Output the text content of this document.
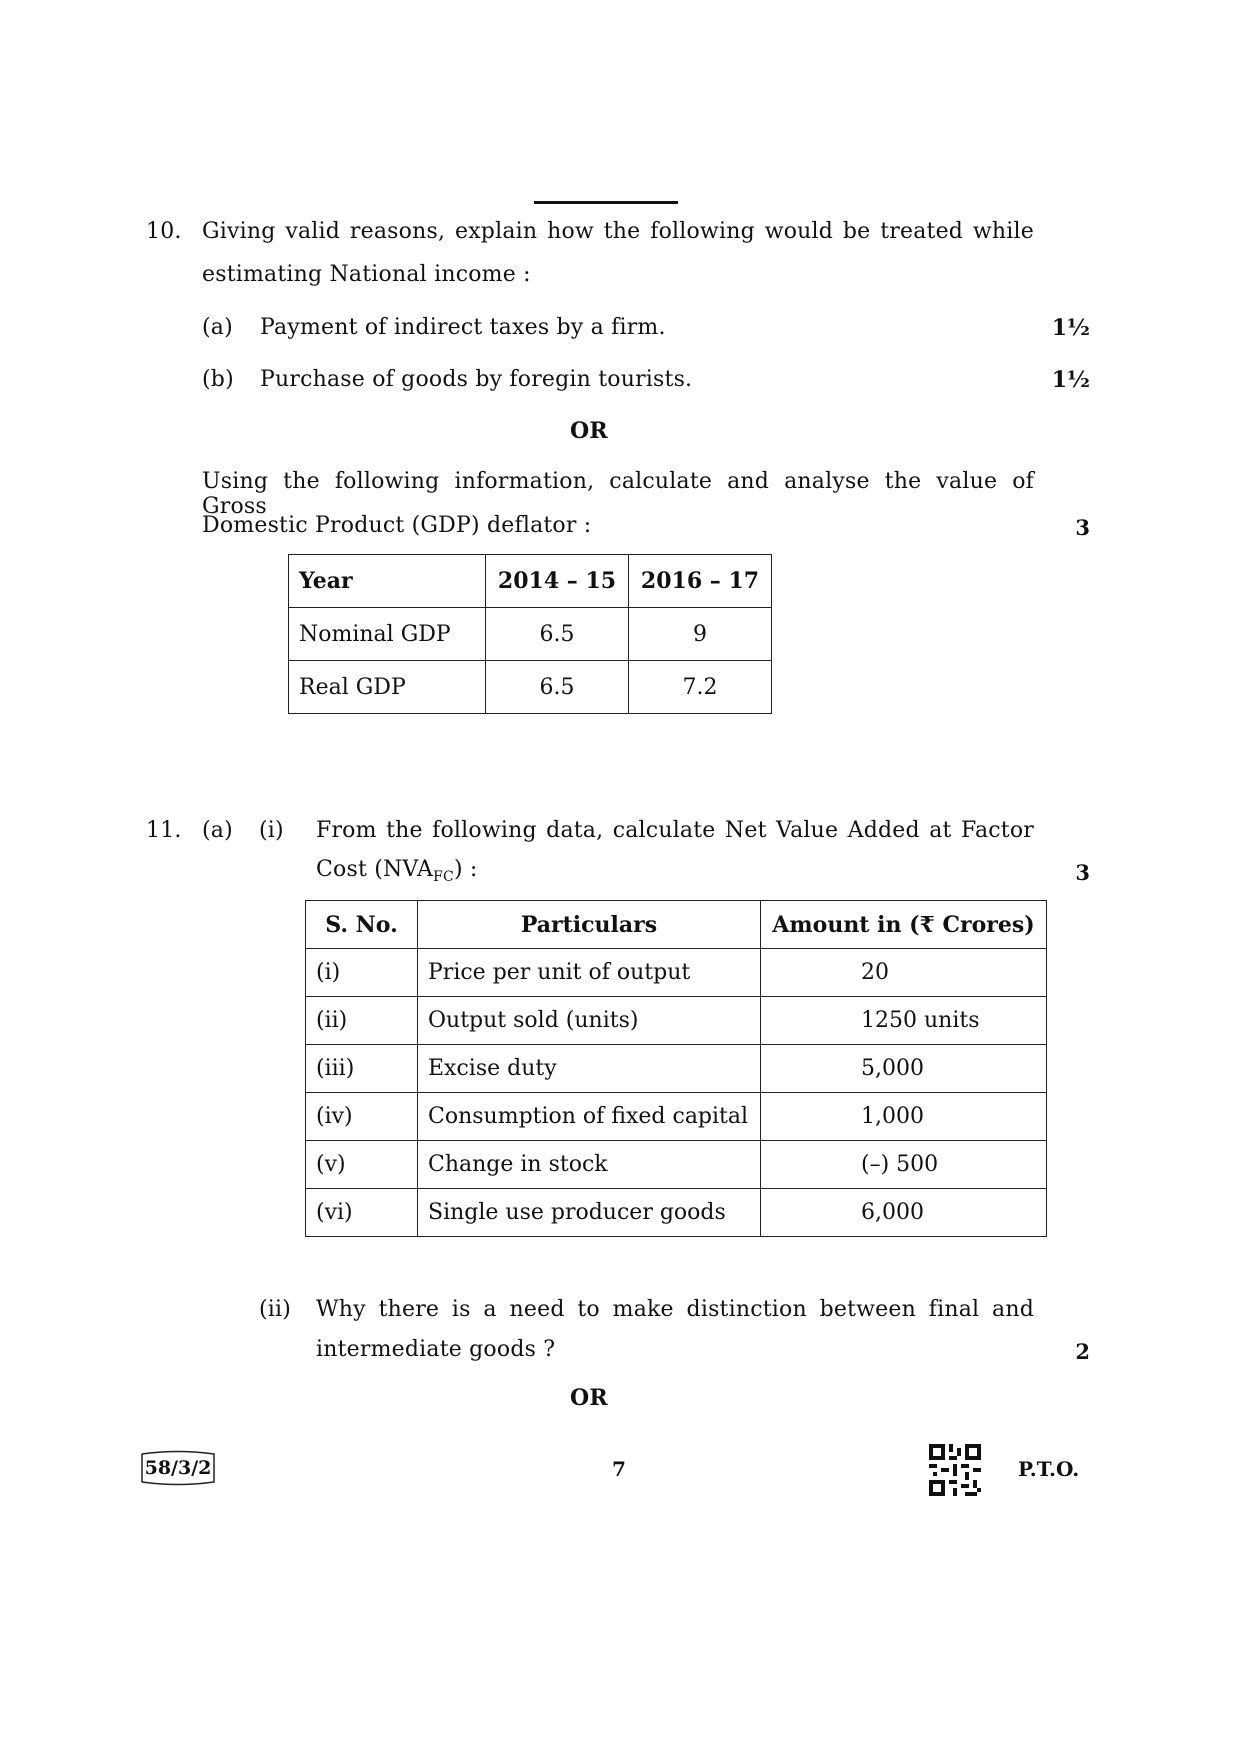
10. Giving valid reasons, explain how the following would be treated while
estimating National income :
(a) Payment of indirect taxes by a firm.	1½
(b) Purchase of goods by foregin tourists.	1½
OR
Using the following information, calculate and analyse the value of Gross
Domestic Product (GDP) deflator :	3
Year	2014 – 15	2016 – 17
Nominal GDP	6.5	9
Real GDP	6.5	7.2
11. (a) (i) From the following data, calculate Net Value Added at Factor
Cost $(NVA_{FC})$ :	3
S. No.	Particulars	Amount in (₹ Crores)
(i)	Price per unit of output	20
(ii)	Output sold (units)	1250 units
(iii)	Excise duty	5,000
(iv)	Consumption of fixed capital	1,000
(v)	Change in stock	(–) 500
(vi)	Single use producer goods	6,000
(ii) Why there is a need to make distinction between final and
intermediate goods ?	2
OR
58/3/2	7	P.T.O.
